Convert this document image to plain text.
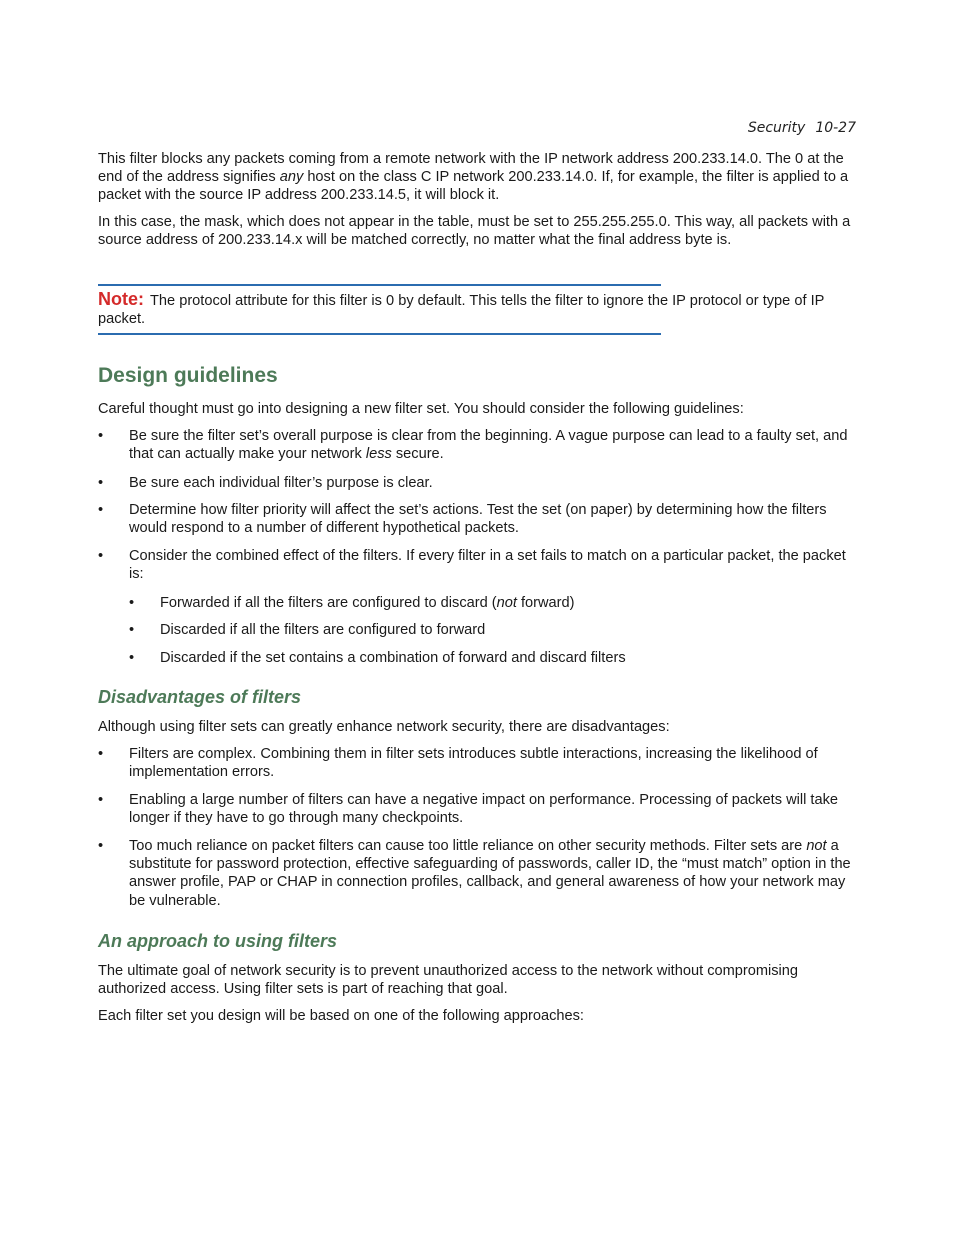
Security 10-27

This filter blocks any packets coming from a remote network with the IP network address 200.233.14.0. The 0 at the end of the address signifies any host on the class C IP network 200.233.14.0. If, for example, the filter is applied to a packet with the source IP address 200.233.14.5, it will block it.

In this case, the mask, which does not appear in the table, must be set to 255.255.255.0. This way, all packets with a source address of 200.233.14.x will be matched correctly, no matter what the final address byte is.

Note: The protocol attribute for this filter is 0 by default. This tells the filter to ignore the IP protocol or type of IP packet.
Design guidelines

Careful thought must go into designing a new filter set. You should consider the following guidelines:

• Be sure the filter set’s overall purpose is clear from the beginning. A vague purpose can lead to a faulty set, and that can actually make your network less secure.
• Be sure each individual filter’s purpose is clear.
• Determine how filter priority will affect the set’s actions. Test the set (on paper) by determining how the filters would respond to a number of different hypothetical packets.
• Consider the combined effect of the filters. If every filter in a set fails to match on a particular packet, the packet is:
• Forwarded if all the filters are configured to discard (not forward)
• Discarded if all the filters are configured to forward
• Discarded if the set contains a combination of forward and discard filters
Disadvantages of filters

Although using filter sets can greatly enhance network security, there are disadvantages:

• Filters are complex. Combining them in filter sets introduces subtle interactions, increasing the likelihood of implementation errors.
• Enabling a large number of filters can have a negative impact on performance. Processing of packets will take longer if they have to go through many checkpoints.
• Too much reliance on packet filters can cause too little reliance on other security methods. Filter sets are not a substitute for password protection, effective safeguarding of passwords, caller ID, the “must match” option in the answer profile, PAP or CHAP in connection profiles, callback, and general awareness of how your network may be vulnerable.
An approach to using filters

The ultimate goal of network security is to prevent unauthorized access to the network without compromising authorized access. Using filter sets is part of reaching that goal.

Each filter set you design will be based on one of the following approaches:
